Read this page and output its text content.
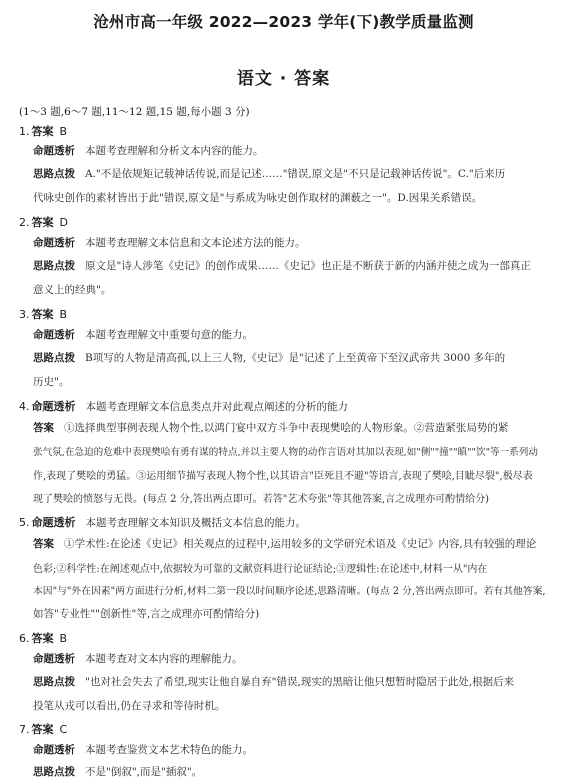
沧州市高一年级 2022—2023 学年(下)教学质量监测
语文 · 答案
(1～3 题,6～7 题,11～12 题,15 题,每小题 3 分)
1. 答案 B
命题透析 本题考查理解和分析文本内容的能力。
思路点拨 A."不是依规矩记载神话传说,而是记述……"错误,原文是"不只是记载神话传说"。C."后来历
代咏史创作的素材皆出于此"错误,原文是"与系成为咏史创作取材的渊薮之一"。D.因果关系错误。
2. 答案 D
命题透析 本题考查理解文本信息和文本论述方法的能力。
思路点拨 原文是"诗人涉笔《史记》的创作成果……《史记》也正是不断获于新的内涵并使之成为一部真正
意义上的经典"。
3. 答案 B
命题透析 本题考查理解文中重要句意的能力。
思路点拨 B项写的人物是清高孤,以上三人物,《史记》是"记述了上至黄帝下至汉武帝共 3000 多年的
历史"。
4. 命题透析 本题考查理解文本信息类点并对此观点阐述的分析的能力
答案 ①选择典型事例表现人物个性,以鸿门宴中双方斗争中表现樊哙的人物形象。②营造紧张局势的紧
张气氛,在急迫的危难中表现樊哙有勇有谋的特点,并以主要人物的动作言语对其加以表现,如"侧""撞""瞋""饮"等一系列动
作,表现了樊哙的勇猛。③运用细节描写表现人物个性,以其语言"臣死且不避"等语言,表现了樊哙,目眦尽裂",极尽表
现了樊哙的愤怒与无畏。(每点 2 分,答出两点即可。若答"艺术夸张"等其他答案,言之成理亦可酌情给分)
5. 命题透析 本题考查理解文本知识及概括文本信息的能力。
答案 ①学术性:在论述《史记》相关观点的过程中,运用较多的文学研究术语及《史记》内容,具有较强的理论
色彩;②科学性:在阐述观点中,依据较为可靠的文献资料进行论证结论;③逻辑性:在论述中,材料一从"内在
本因"与"外在因素"两方面进行分析,材料二第一段以时间顺序论述,思路清晰。(每点 2 分,答出两点即可。若有其他答案,
如答"专业性""创新性"等,言之成理亦可酌情给分)
6. 答案 B
命题透析 本题考查对文本内容的理解能力。
思路点拨 "也对社会失去了希望,现实让他自暴自弃"错误,现实的黑暗让他只想暂时隐居于此处,根据后来
投笔从戎可以看出,仍在寻求和等待时机。
7. 答案 C
命题透析 本题考查鉴赏文本艺术特色的能力。
思路点拨 不是"倒叙",而是"插叙"。
